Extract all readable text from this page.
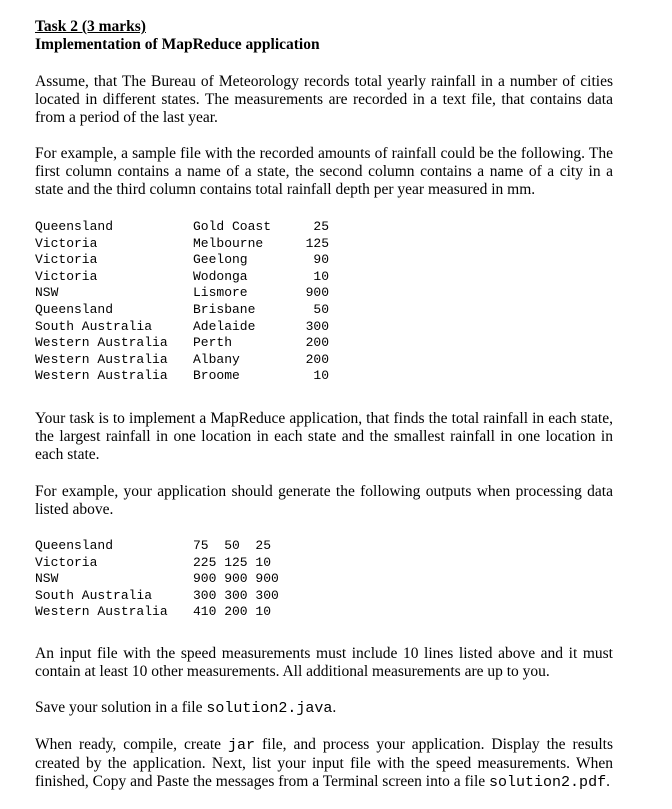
Task 2 (3 marks)
Implementation of MapReduce application

Assume, that The Bureau of Meteorology records total yearly rainfall in a number of cities located in different states. The measurements are recorded in a text file, that contains data from a period of the last year.

For example, a sample file with the recorded amounts of rainfall could be the following. The first column contains a name of a state, the second column contains a name of a city in a state and the third column contains total rainfall depth per year measured in mm.

Queensland	Gold Coast	25
Victoria	Melbourne	125
Victoria	Geelong	90
Victoria	Wodonga	10
NSW	Lismore	900
Queensland	Brisbane	50
South Australia	Adelaide	300
Western Australia	Perth	200
Western Australia	Albany	200
Western Australia	Broome	10

Your task is to implement a MapReduce application, that finds the total rainfall in each state, the largest rainfall in one location in each state and the smallest rainfall in one location in each state.

For example, your application should generate the following outputs when processing data listed above.

Queensland	75  50  25
Victoria	225 125 10
NSW	900 900 900
South Australia	300 300 300
Western Australia	410 200 10

An input file with the speed measurements must include 10 lines listed above and it must contain at least 10 other measurements. All additional measurements are up to you.

Save your solution in a file solution2.java.

When ready, compile, create jar file, and process your application. Display the results created by the application. Next, list your input file with the speed measurements. When finished, Copy and Paste the messages from a Terminal screen into a file solution2.pdf.
